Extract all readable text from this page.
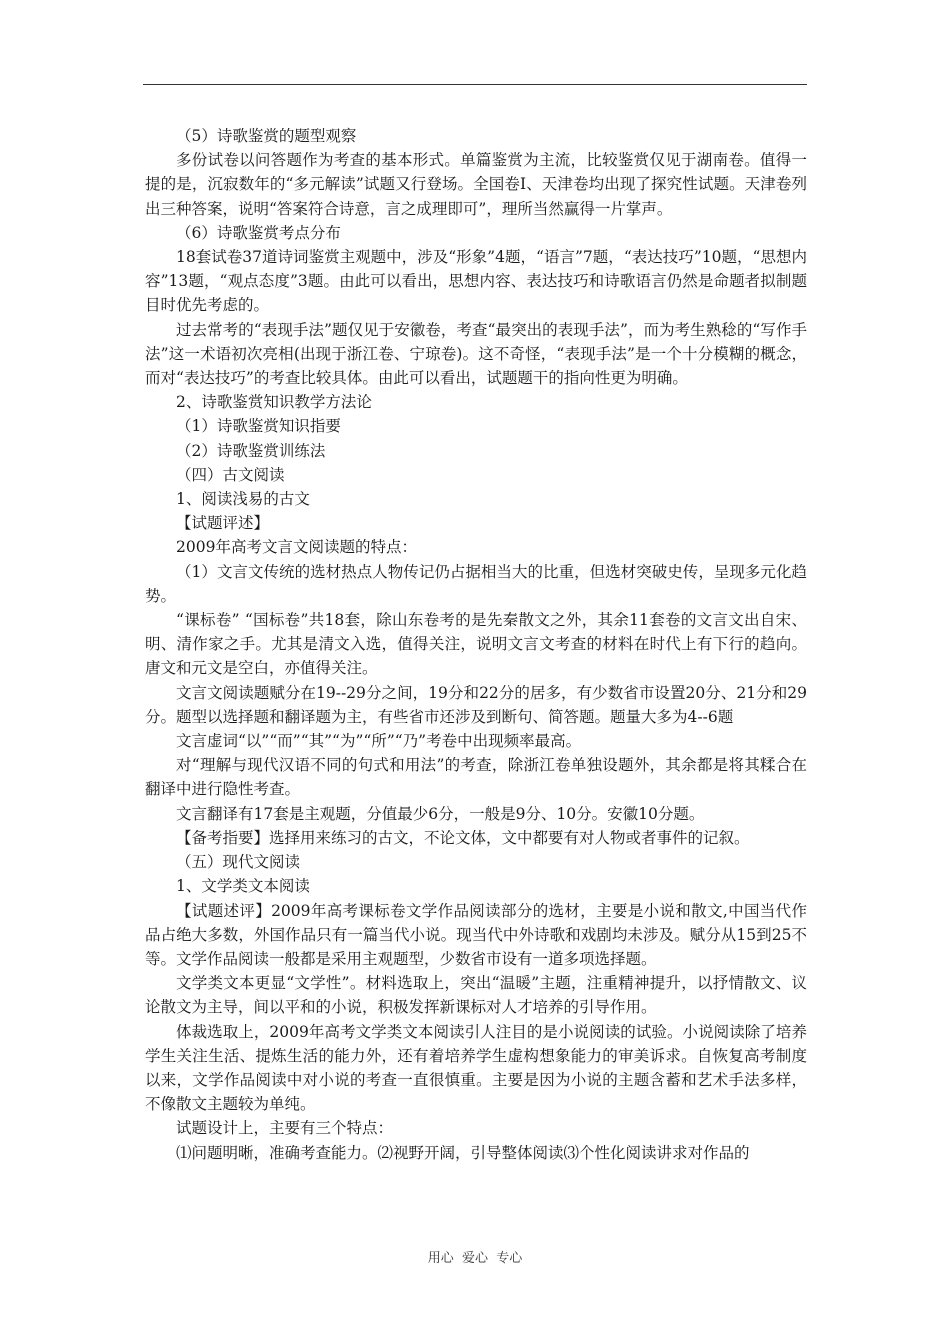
（5）诗歌鉴赏的题型观察

多份试卷以问答题作为考查的基本形式。单篇鉴赏为主流，比较鉴赏仅见于湖南卷。值得一提的是，沉寂数年的“多元解读”试题又行登场。全国卷Ⅰ、天津卷均出现了探究性试题。天津卷列出三种答案，说明“答案符合诗意，言之成理即可”，理所当然赢得一片掌声。

（6）诗歌鉴赏考点分布

18套试卷37道诗词鉴赏主观题中，涉及“形象”4题，“语言”7题，“表达技巧”10题，“思想内容”13题，“观点态度”3题。由此可以看出，思想内容、表达技巧和诗歌语言仍然是命题者拟制题目时优先考虑的。

过去常考的“表现手法”题仅见于安徽卷，考查“最突出的表现手法”，而为考生熟稔的“写作手法”这一术语初次亮相(出现于浙江卷、宁琼卷)。这不奇怪，“表现手法”是一个十分模糊的概念，而对“表达技巧”的考查比较具体。由此可以看出，试题题干的指向性更为明确。

2、诗歌鉴赏知识教学方法论

（1）诗歌鉴赏知识指要

（2）诗歌鉴赏训练法

（四）古文阅读

1、阅读浅易的古文

【试题评述】

2009年高考文言文阅读题的特点：

（1）文言文传统的选材热点人物传记仍占据相当大的比重，但选材突破史传，呈现多元化趋势。

“课标卷” “国标卷”共18套，除山东卷考的是先秦散文之外，其余11套卷的文言文出自宋、明、清作家之手。尤其是清文入选，值得关注，说明文言文考查的材料在时代上有下行的趋向。唐文和元文是空白，亦值得关注。

文言文阅读题赋分在19--29分之间，19分和22分的居多，有少数省市设置20分、21分和29分。题型以选择题和翻译题为主，有些省市还涉及到断句、简答题。题量大多为4--6题

文言虚词“以”“而”“其”“为”“所”“乃”考卷中出现频率最高。

对“理解与现代汉语不同的句式和用法”的考查，除浙江卷单独设题外，其余都是将其糅合在翻译中进行隐性考查。

文言翻译有17套是主观题，分值最少6分，一般是9分、10分。安徽10分题。

【备考指要】选择用来练习的古文，不论文体，文中都要有对人物或者事件的记叙。

（五）现代文阅读

1、文学类文本阅读

【试题述评】2009年高考课标卷文学作品阅读部分的选材，主要是小说和散文,中国当代作品占绝大多数，外国作品只有一篇当代小说。现当代中外诗歌和戏剧均未涉及。赋分从15到25不等。文学作品阅读一般都是采用主观题型，少数省市设有一道多项选择题。

文学类文本更显“文学性”。材料选取上，突出“温暖”主题，注重精神提升，以抒情散文、议论散文为主导，间以平和的小说，积极发挥新课标对人才培养的引导作用。

体裁选取上，2009年高考文学类文本阅读引人注目的是小说阅读的试验。小说阅读除了培养学生关注生活、提炼生活的能力外，还有着培养学生虚构想象能力的审美诉求。自恢复高考制度以来，文学作品阅读中对小说的考查一直很慎重。主要是因为小说的主题含蓄和艺术手法多样，不像散文主题较为单纯。

试题设计上，主要有三个特点：

⑴问题明晰，准确考查能力。⑵视野开阔，引导整体阅读⑶个性化阅读讲求对作品的

用心  爱心  专心
